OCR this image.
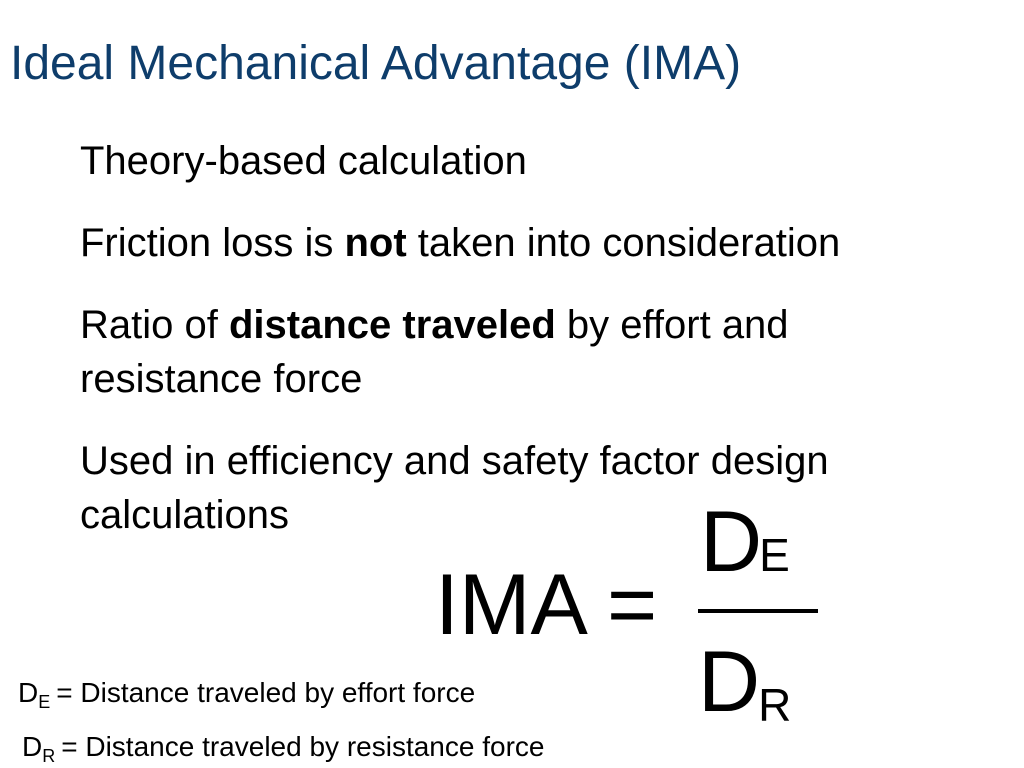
Ideal Mechanical Advantage (IMA)
Theory-based calculation
Friction loss is not taken into consideration
Ratio of distance traveled by effort and resistance force
Used in efficiency and safety factor design calculations
IMA =
DE
DR
$D_E$ = Distance traveled by effort force
$D_R$ = Distance traveled by resistance force
